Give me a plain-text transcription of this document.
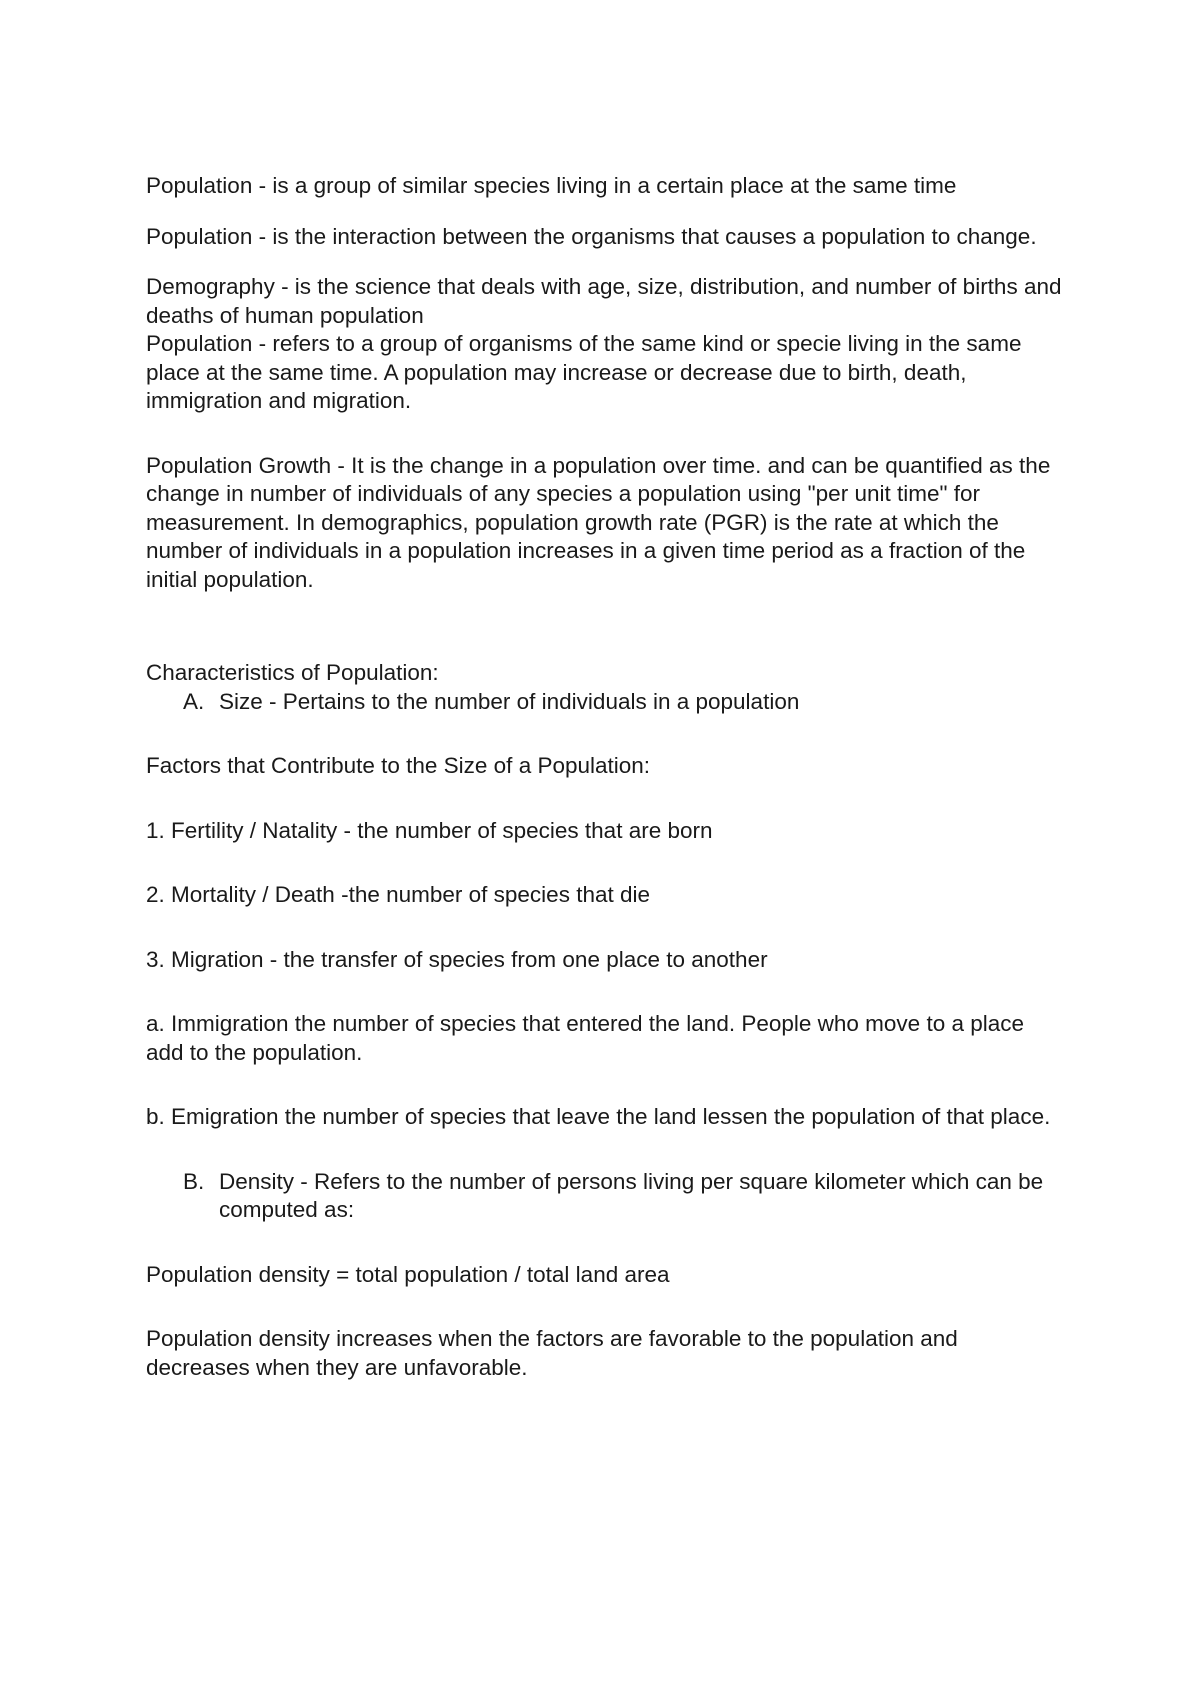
Population - is a group of similar species living in a certain place at the same time

Population - is the interaction between the organisms that causes a population to change.

Demography - is the science that deals with age, size, distribution, and number of births and

deaths of human population

Population - refers to a group of organisms of the same kind or specie living in the same place at the same time. A population may increase or decrease due to birth, death, immigration and migration.

Population Growth - It is the change in a population over time. and can be quantified as the change in number of individuals of any species a population using "per unit time" for measurement. In demographics, population growth rate (PGR) is the rate at which the number of individuals in a population increases in a given time period as a fraction of the initial population.

Characteristics of Population:

A. Size - Pertains to the number of individuals in a population

Factors that Contribute to the Size of a Population:

1. Fertility / Natality - the number of species that are born

2. Mortality / Death -the number of species that die

3. Migration - the transfer of species from one place to another

a. Immigration the number of species that entered the land. People who move to a place add to the population.

b. Emigration the number of species that leave the land lessen the population of that place.

B. Density - Refers to the number of persons living per square kilometer which can be computed as:

Population density = total population / total land area

Population density increases when the factors are favorable to the population and decreases when they are unfavorable.
